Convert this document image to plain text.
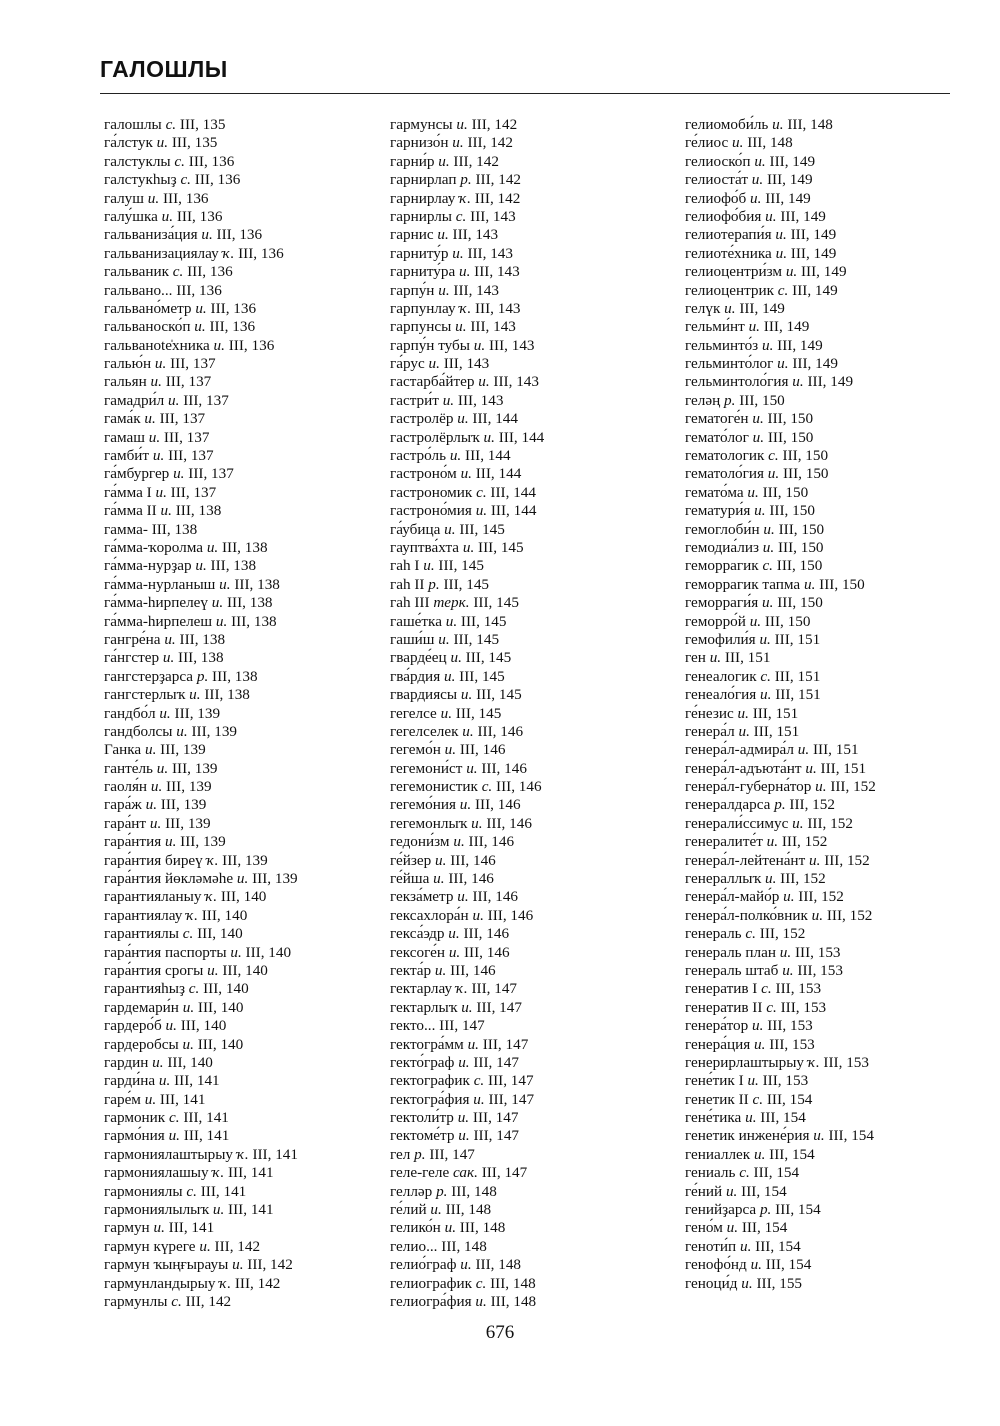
ГАЛОШЛЫ
галошлы с. III, 135
га́лстук и. III, 135
галстуклы с. III, 136
галстукһыҙ с. III, 136
галуш и. III, 136
галу́шка и. III, 136
гальваниза́ция и. III, 136
гальванизациялау ҡ. III, 136
гальваник с. III, 136
гальвано... III, 136
гальвано́метр и. III, 136
гальваноско́п и. III, 136
гальванote̍хника и. III, 136
галью́н и. III, 137
гальян и. III, 137
гамадри́л и. III, 137
гама́к и. III, 137
гамаш и. III, 137
гамби́т и. III, 137
га́мбургер и. III, 137
га́мма I и. III, 137
га́мма II и. III, 138
гамма- III, 138
га́мма-ҡоролма и. III, 138
га́мма-нурҙар и. III, 138
га́мма-нурланыш и. III, 138
га́мма-һирпелеү и. III, 138
га́мма-һирпелеш и. III, 138
гангре́на и. III, 138
га́нгстер и. III, 138
гангстерҙарса р. III, 138
гангстерлыҡ и. III, 138
гандбо́л и. III, 139
гандболсы и. III, 139
Ганка и. III, 139
ганте́ль и. III, 139
гаоля́н и. III, 139
гара́ж и. III, 139
гара́нт и. III, 139
гара́нтия и. III, 139
гара́нтия биреү ҡ. III, 139
гара́нтия йөкләмәһе и. III, 139
гарантияланыу ҡ. III, 140
гарантиялау ҡ. III, 140
гарантиялы с. III, 140
гара́нтия паспорты и. III, 140
гара́нтия срогы и. III, 140
гарантияһыҙ с. III, 140
гардемари́н и. III, 140
гардеро́б и. III, 140
гардеробсы и. III, 140
гардин и. III, 140
гарди́на и. III, 141
гаре́м и. III, 141
гармоник с. III, 141
гармо́ния и. III, 141
гармониялаштырыу ҡ. III, 141
гармониялашыу ҡ. III, 141
гармониялы с. III, 141
гармониялылыҡ и. III, 141
гармун и. III, 141
гармун күреге и. III, 142
гармун ҡыңғырауы и. III, 142
гармунландырыу ҡ. III, 142
гармунлы с. III, 142
гармунсы и. III, 142
гарнизо́н и. III, 142
гарни́р и. III, 142
гарнирлап р. III, 142
гарнирлау ҡ. III, 142
гарнирлы с. III, 143
гарнис и. III, 143
гарниту́р и. III, 143
гарниту́ра и. III, 143
гарпу́н и. III, 143
гарпунлау ҡ. III, 143
гарпунсы и. III, 143
гарпу́н тубы и. III, 143
га́рус и. III, 143
гастарба́йтер и. III, 143
гастри́т и. III, 143
гастролёр и. III, 144
гастролёрлыҡ и. III, 144
гастро́ль и. III, 144
гастроно́м и. III, 144
гастрономик с. III, 144
гастроно́мия и. III, 144
га́убица и. III, 145
гауптва́хта и. III, 145
гаһ I и. III, 145
гаһ II р. III, 145
гаһ III терк. III, 145
гаше́тка и. III, 145
гаши́ш и. III, 145
гварде́ец и. III, 145
гва́рдия и. III, 145
гвардиясы и. III, 145
гегелсе и. III, 145
гегелселек и. III, 146
гегемо́н и. III, 146
гегемони́ст и. III, 146
гегемонистик с. III, 146
гегемо́ния и. III, 146
гегемонлыҡ и. III, 146
гедони́зм и. III, 146
ге́йзер и. III, 146
ге́йша и. III, 146
гекза́метр и. III, 146
гексахлора́н и. III, 146
гекса́эдр и. III, 146
гексоге́н и. III, 146
гекта́р и. III, 146
гектарлау ҡ. III, 147
гектарлыҡ и. III, 147
гекто... III, 147
гектогра́мм и. III, 147
гекто́граф и. III, 147
гектографик с. III, 147
гектогра́фия и. III, 147
гектоли́тр и. III, 147
гектоме́тр и. III, 147
гел р. III, 147
геле-геле сак. III, 147
гелләр р. III, 148
ге́лий и. III, 148
гелико́н и. III, 148
гелио... III, 148
гелио́граф и. III, 148
гелиографик с. III, 148
гелиогра́фия и. III, 148
гелиомоби́ль и. III, 148
ге́лиос и. III, 148
гелиоско́п и. III, 149
гелиоста́т и. III, 149
гелиофо́б и. III, 149
гелиофо́бия и. III, 149
гелиотерапи́я и. III, 149
гелиоте́хника и. III, 149
гелиоцентри́зм и. III, 149
гелиоцентрик с. III, 149
гелүк и. III, 149
гельми́нт и. III, 149
гельминто́з и. III, 149
гельминто́лог и. III, 149
гельминтоло́гия и. III, 149
геләң р. III, 150
гематоге́н и. III, 150
гемато́лог и. III, 150
гематологик с. III, 150
гематоло́гия и. III, 150
гемато́ма и. III, 150
гематури́я и. III, 150
гемоглоби́н и. III, 150
гемодиа́лиз и. III, 150
геморрагик с. III, 150
геморрагик тапма и. III, 150
геморраги́я и. III, 150
геморро́й и. III, 150
гемофили́я и. III, 151
ген и. III, 151
генеалогик с. III, 151
генеало́гия и. III, 151
ге́незис и. III, 151
генера́л и. III, 151
генера́л-адмира́л и. III, 151
генера́л-адъюта́нт и. III, 151
генера́л-губерна́тор и. III, 152
генералдарса р. III, 152
генерали́ссимус и. III, 152
генералите́т и. III, 152
генера́л-лейтена́нт и. III, 152
генераллыҡ и. III, 152
генера́л-майо́р и. III, 152
генера́л-полко́вник и. III, 152
генераль с. III, 152
генераль план и. III, 153
генераль штаб и. III, 153
генератив I с. III, 153
генератив II с. III, 153
генера́тор и. III, 153
генера́ция и. III, 153
генерирлаштырыу ҡ. III, 153
гене́тик I и. III, 153
генетик II с. III, 154
гене́тика и. III, 154
генетик инжене́рия и. III, 154
гениаллек и. III, 154
гениаль с. III, 154
ге́ний и. III, 154
генийҙарса р. III, 154
гено́м и. III, 154
геноти́п и. III, 154
генофо́нд и. III, 154
геноци́д и. III, 155
676
